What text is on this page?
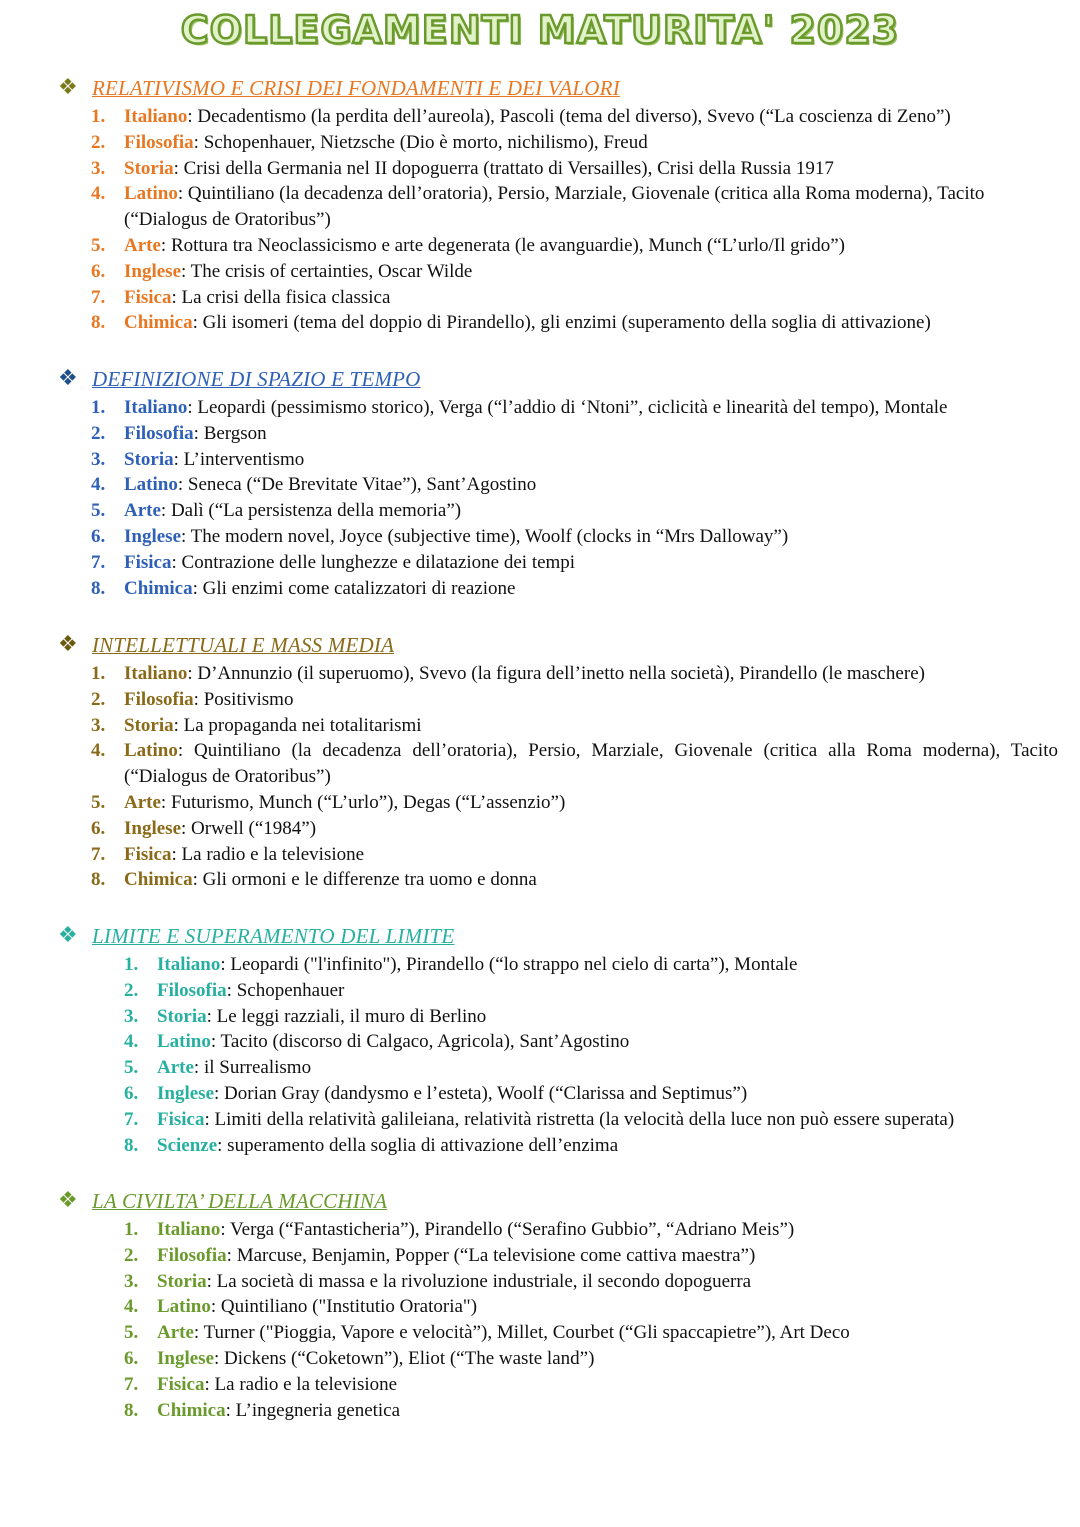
COLLEGAMENTI MATURITA' 2023
❖ RELATIVISMO E CRISI DEI FONDAMENTI E DEI VALORI
1. Italiano: Decadentismo (la perdita dell’aureola), Pascoli (tema del diverso), Svevo (“La coscienza di Zeno”)
2. Filosofia: Schopenhauer, Nietzsche (Dio è morto, nichilismo), Freud
3. Storia: Crisi della Germania nel II dopoguerra (trattato di Versailles), Crisi della Russia 1917
4. Latino: Quintiliano (la decadenza dell’oratoria), Persio, Marziale, Giovenale (critica alla Roma moderna), Tacito (“Dialogus de Oratoribus”)
5. Arte: Rottura tra Neoclassicismo e arte degenerata (le avanguardie), Munch (“L’urlo/Il grido”)
6. Inglese: The crisis of certainties, Oscar Wilde
7. Fisica: La crisi della fisica classica
8. Chimica: Gli isomeri (tema del doppio di Pirandello), gli enzimi (superamento della soglia di attivazione)
❖ DEFINIZIONE DI SPAZIO E TEMPO
1. Italiano: Leopardi (pessimismo storico), Verga (“l’addio di ‘Ntoni”, ciclicità e linearità del tempo), Montale
2. Filosofia: Bergson
3. Storia: L’interventismo
4. Latino: Seneca (“De Brevitate Vitae”), Sant’Agostino
5. Arte: Dalì (“La persistenza della memoria”)
6. Inglese: The modern novel, Joyce (subjective time), Woolf (clocks in “Mrs Dalloway”)
7. Fisica: Contrazione delle lunghezze e dilatazione dei tempi
8. Chimica: Gli enzimi come catalizzatori di reazione
❖ INTELLETTUALI E MASS MEDIA
1. Italiano: D’Annunzio (il superuomo), Svevo (la figura dell’inetto nella società), Pirandello (le maschere)
2. Filosofia: Positivismo
3. Storia: La propaganda nei totalitarismi
4. Latino: Quintiliano (la decadenza dell’oratoria), Persio, Marziale, Giovenale (critica alla Roma moderna), Tacito (“Dialogus de Oratoribus”)
5. Arte: Futurismo, Munch (“L’urlo”), Degas (“L’assenzio”)
6. Inglese: Orwell (“1984”)
7. Fisica: La radio e la televisione
8. Chimica: Gli ormoni e le differenze tra uomo e donna
❖ LIMITE E SUPERAMENTO DEL LIMITE
1. Italiano: Leopardi ("l'infinito"), Pirandello (“lo strappo nel cielo di carta”), Montale
2. Filosofia: Schopenhauer
3. Storia: Le leggi razziali, il muro di Berlino
4. Latino: Tacito (discorso di Calgaco, Agricola), Sant’Agostino
5. Arte: il Surrealismo
6. Inglese: Dorian Gray (dandysmo e l’esteta), Woolf (“Clarissa and Septimus”)
7. Fisica: Limiti della relatività galileiana, relatività ristretta (la velocità della luce non può essere superata)
8. Scienze: superamento della soglia di attivazione dell’enzima
❖ LA CIVILTA’ DELLA MACCHINA
1. Italiano: Verga (“Fantasticheria”), Pirandello (“Serafino Gubbio”, “Adriano Meis”)
2. Filosofia: Marcuse, Benjamin, Popper (“La televisione come cattiva maestra”)
3. Storia: La società di massa e la rivoluzione industriale, il secondo dopoguerra
4. Latino: Quintiliano ("Institutio Oratoria")
5. Arte: Turner ("Pioggia, Vapore e velocità”), Millet, Courbet (“Gli spaccapietre”), Art Deco
6. Inglese: Dickens (“Coketown”), Eliot (“The waste land”)
7. Fisica: La radio e la televisione
8. Chimica: L’ingegneria genetica
